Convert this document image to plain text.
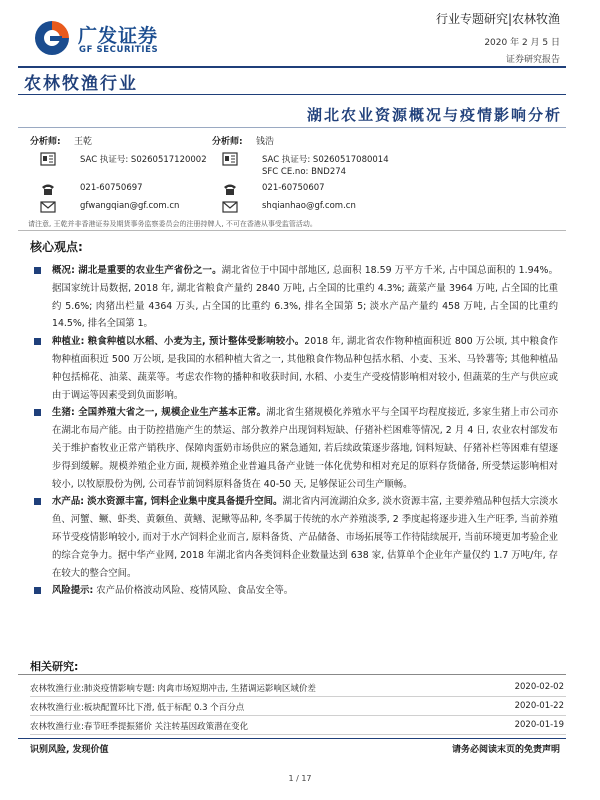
广发证券
GF SECURITIES
行业专题研究|农林牧渔
2020 年 2 月 5 日
证券研究报告
农林牧渔行业
湖北农业资源概况与疫情影响分析
分析师: 王乾
SAC 执证号: S0260517120002
021-60750697
gfwangqian@gf.com.cn
分析师: 钱浩
SAC 执证号: S0260517080014
SFC CE.no: BND274
021-60750607
shqianhao@gf.com.cn
请注意, 王乾并非香港证券及期货事务监察委员会的注册持牌人, 不可在香港从事受监管活动。
核心观点:
概况: 湖北是重要的农业生产省份之一。湖北省位于中国中部地区, 总面积 18.59 万平方千米, 占中国总面积的 1.94%。据国家统计局数据, 2018 年, 湖北省粮食产量约 2840 万吨, 占全国的比重约 4.3%; 蔬菜产量 3964 万吨, 占全国的比重约 5.6%; 肉猪出栏量 4364 万头, 占全国的比重约 6.3%, 排名全国第 5; 淡水产品产量约 458 万吨, 占全国的比重约 14.5%, 排名全国第 1。
种植业: 粮食种植以水稻、小麦为主, 预计整体受影响较小。2018 年, 湖北省农作物种植面积近 800 万公顷, 其中粮食作物种植面积近 500 万公顷, 是我国的水稻种植大省之一, 其他粮食作物品种包括水稻、小麦、玉米、马铃薯等; 其他种植品种包括棉花、油菜、蔬菜等。考虑农作物的播种和收获时间, 水稻、小麦生产受疫情影响相对较小, 但蔬菜的生产与供应或由于调运等因素受到负面影响。
生猪: 全国养殖大省之一, 规模企业生产基本正常。湖北省生猪规模化养殖水平与全国平均程度接近, 多家生猪上市公司亦在湖北布局产能。由于防控措施产生的禁运、部分教养户出现饲料短缺、仔猪补栏困难等情况, 2 月 4 日, 农业农村部发布关于维护畜牧业正常产销秩序、保障肉蛋奶市场供应的紧急通知, 若后续政策逐步落地, 饲料短缺、仔猪补栏等困难有望逐步得到缓解。规模养殖企业方面, 规模养殖企业普遍具备产业链一体化优势和相对充足的原料存货储备, 所受禁运影响相对较小, 以牧原股份为例, 公司春节前饲料原料备货在 40-50 天, 足够保证公司生产顺畅。
水产品: 淡水资源丰富, 饲料企业集中度具备提升空间。湖北省内河流湖泊众多, 淡水资源丰富, 主要养殖品种包括大宗淡水鱼、河蟹、鳜、虾类、黄颡鱼、黄鳝、泥鳅等品种, 冬季属于传统的水产养殖淡季, 2 季度起将逐步进入生产旺季, 当前养殖环节受疫情影响较小, 而对于水产饲料企业而言, 原料备货、产品储备、市场拓展等工作待陆续展开, 当前环境更加考验企业的综合竞争力。据中华产业网, 2018 年湖北省内各类饲料企业数量达到 638 家, 估算单个企业年产量仅约 1.7 万吨/年, 存在较大的整合空间。
风险提示: 农产品价格波动风险、疫情风险、食品安全等。
相关研究:
农林牧渔行业:肺炎疫情影响专题: 肉禽市场短期冲击, 生猪调运影响区域价差	2020-02-02
农林牧渔行业:板块配置环比下滑, 低于标配 0.3 个百分点	2020-01-22
农林牧渔行业:春节旺季提振猪价 关注转基因政策潜在变化	2020-01-19
识别风险, 发现价值	请务必阅读末页的免责声明
1 / 17
